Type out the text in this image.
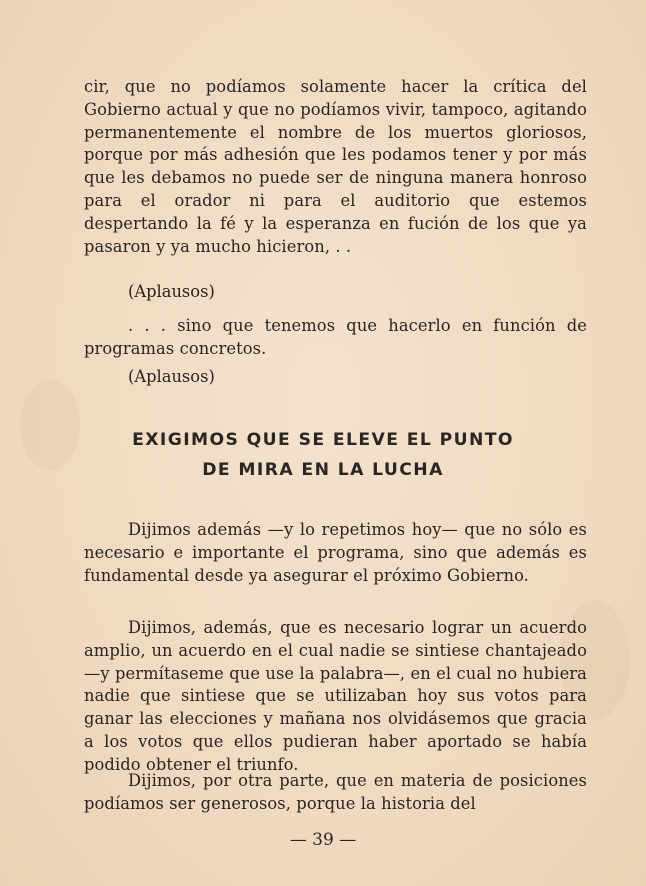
cir, que no podíamos solamente hacer la crítica del Gobierno actual y que no podíamos vivir, tampoco, agitando permanentemente el nombre de los muertos gloriosos, porque por más adhesión que les podamos tener y por más que les debamos no puede ser de ninguna manera honroso para el orador ni para el auditorio que estemos despertando la fé y la esperanza en fución de los que ya pasaron y ya mucho hicieron, . .

(Aplausos)

. . . sino que tenemos que hacerlo en función de programas concretos.

(Aplausos)
EXIGIMOS QUE SE ELEVE EL PUNTO
DE MIRA EN LA LUCHA

Dijimos además —y lo repetimos hoy— que no sólo es necesario e importante el programa, sino que además es fundamental desde ya asegurar el próximo Gobierno.

Dijimos, además, que es necesario lograr un acuerdo amplio, un acuerdo en el cual nadie se sintiese chantajeado —y permítaseme que use la palabra—, en el cual no hubiera nadie que sintiese que se utilizaban hoy sus votos para ganar las elecciones y mañana nos olvidásemos que gracia a los votos que ellos pudieran haber aportado se había podido obtener el triunfo.

Dijimos, por otra parte, que en materia de posiciones podíamos ser generosos, porque la historia del

— 39 —
